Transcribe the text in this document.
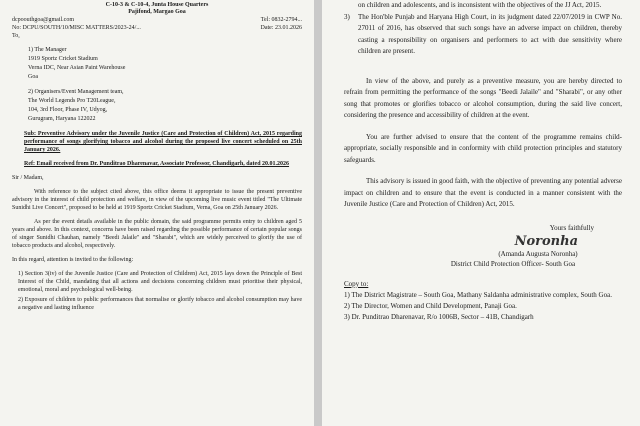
C-10-3 & C-10-4, Junta House Quarters
Pajifond, Margao Goa
dcpoouthgoa@gmail.com	Tel: 0832-2794...
No: DCPU/SOUTH/10/MISC MATTERS/2023-24/...	Date: 23.01.2026
To,
1) The Manager
1919 Sportz Cricket Stadium
Verna IDC, Near Asian Paint Warehouse
Goa
2) Organisers/Event Management team,
The World Legends Pro T20League,
104, 3rd Floor, Phase IV, Udyog,
Gurugram, Haryana 122022
Sub: Preventive Advisory under the Juvenile Justice (Care and Protection of Children) Act, 2015 regarding performance of songs glorifying tobacco and alcohol during the proposed live concert scheduled on 25th January 2026.
Ref: Email received from Dr. Punditrao Dharenavar, Associate Professor, Chandigarh, dated 20.01.2026
Sir / Madam,
With reference to the subject cited above, this office deems it appropriate to issue the present preventive advisory in the interest of child protection and welfare, in view of the upcoming live music event titled "The Ultimate Sunidhi Live Concert", proposed to be held at 1919 Sportz Cricket Stadium, Verna, Goa on 25th January 2026.
As per the event details available in the public domain, the said programme permits entry to children aged 5 years and above. In this context, concerns have been raised regarding the possible performance of certain popular songs of singer Sunidhi Chauhan, namely "Beedi Jalaile" and "Sharabi", which are widely perceived to glorify the use of tobacco products and alcohol, respectively.
In this regard, attention is invited to the following:
1) Section 3(iv) of the Juvenile Justice (Care and Protection of Children) Act, 2015 lays down the Principle of Best Interest of the Child, mandating that all actions and decisions concerning children must prioritise their physical, emotional, moral and psychological well-being.
2) Exposure of children to public performances that normalise or glorify tobacco and alcohol consumption may have a negative and lasting influence
on children and adolescents, and is inconsistent with the objectives of the JJ Act, 2015.
3)	The Hon'ble Punjab and Haryana High Court, in its judgment dated 22/07/2019 in CWP No. 27011 of 2016, has observed that such songs have an adverse impact on children, thereby casting a responsibility on organisers and performers to act with due sensitivity where children are present.
In view of the above, and purely as a preventive measure, you are hereby directed to refrain from permitting the performance of the songs "Beedi Jalaile" and "Sharabi", or any other song that promotes or glorifies tobacco or alcohol consumption, during the said live concert, considering the presence and accessibility of children at the event.
You are further advised to ensure that the content of the programme remains child-appropriate, socially responsible and in conformity with child protection principles and statutory safeguards.
This advisory is issued in good faith, with the objective of preventing any potential adverse impact on children and to ensure that the event is conducted in a manner consistent with the Juvenile Justice (Care and Protection of Children) Act, 2015.
Yours faithfully
Noronha
(Amanda Augusta Noronha)
District Child Protection Officer- South Goa
Copy to:
1) The District Magistrate – South Goa, Mathany Saldanha administrative complex, South Goa.
2) The Director, Women and Child Development, Panaji Goa.
3) Dr. Punditrao Dharenavar, R/o 1006B, Sector – 41B, Chandigarh
